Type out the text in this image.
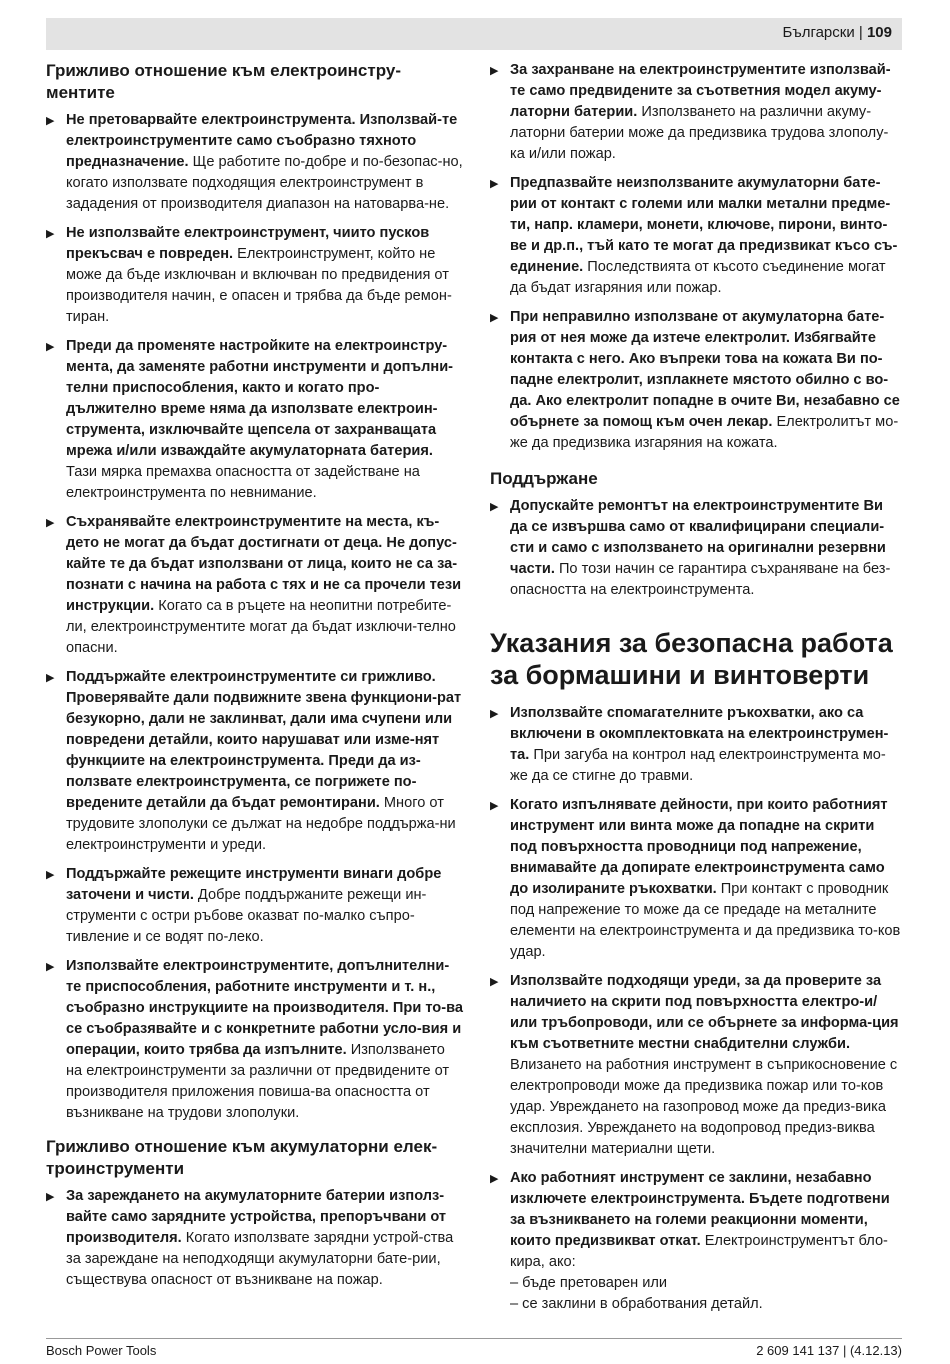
Български | 109
Грижливо отношение към електроинстру-ментите
▶ Не претоварвайте електроинструмента. Използвай-те електроинструментите само съобразно тяхното предназначение. Ще работите по-добре и по-безопас-но, когато използвате подходящия електроинструмент в зададения от производителя диапазон на натоварва-не.
▶ Не използвайте електроинструмент, чиито пусков прекъсвач е повреден. Електроинструмент, който не може да бъде изключван и включван по предвидения от производителя начин, е опасен и трябва да бъде ремон-тиран.
▶ Преди да променяте настройките на електроинстру-мента, да заменяте работни инструменти и допълни-телни приспособления, както и когато про-дължително време няма да използвате електроин-струмента, изключвайте щепсела от захранващата мрежа и/или изваждайте акумулаторната батерия. Тази мярка премахва опасността от задействане на електроинструмента по невнимание.
▶ Съхранявайте електроинструментите на места, къ-дето не могат да бъдат достигнати от деца. Не допус-кайте те да бъдат използвани от лица, които не са за-познати с начина на работа с тях и не са прочели тези инструкции. Когато са в ръцете на неопитни потребите-ли, електроинструментите могат да бъдат изключи-телно опасни.
▶ Поддържайте електроинструментите си грижливо. Проверявайте дали подвижните звена функциони-рат безукорно, дали не заклинват, дали има счупени или повредени детайли, които нарушават или изме-нят функциите на електроинструмента. Преди да из-ползвате електроинструмента, се погрижете по-вредените детайли да бъдат ремонтирани. Много от трудовите злополуки се дължат на недобре поддържа-ни електроинструменти и уреди.
▶ Поддържайте режещите инструменти винаги добре заточени и чисти. Добре поддържаните режещи ин-струменти с остри ръбове оказват по-малко съпро-тивление и се водят по-леко.
▶ Използвайте електроинструментите, допълнителни-те приспособления, работните инструменти и т. н., съобразно инструкциите на производителя. При то-ва се съобразявайте и с конкретните работни усло-вия и операции, които трябва да изпълните. Използването на електроинструменти за различни от предвидените от производителя приложения повиша-ва опасността от възникване на трудови злополуки.
Грижливо отношение към акумулаторни елек-троинструменти
▶ За зареждането на акумулаторните батерии използ-вайте само зарядните устройства, препоръчвани от производителя. Когато използвате зарядни устрой-ства за зареждане на неподходящи акумулаторни бате-рии, съществува опасност от възникване на пожар.
▶ За захранване на електроинструментите използвай-те само предвидените за съответния модел акуму-латорни батерии. Използването на различни акуму-латорни батерии може да предизвика трудова злополу-ка и/или пожар.
▶ Предпазвайте неизползваните акумулаторни бате-рии от контакт с големи или малки метални предме-ти, напр. кламери, монети, ключове, пирони, винто-ве и др.п., тъй като те могат да предизвикат късо съ-единение. Последствията от късото съединение могат да бъдат изгаряния или пожар.
▶ При неправилно използване от акумулаторна бате-рия от нея може да изтече електролит. Избягвайте контакта с него. Ако въпреки това на кожата Ви по-падне електролит, изплакнете мястото обилно с во-да. Ако електролит попадне в очите Ви, незабавно се обърнете за помощ към очен лекар. Електролитът мо-же да предизвика изгаряния на кожата.
Поддържане
▶ Допускайте ремонтът на електроинструментите Ви да се извършва само от квалифицирани специали-сти и само с използването на оригинални резервни части. По този начин се гарантира съхраняване на без-опасността на електроинструмента.
Указания за безопасна работа за бормашини и винтоверти
▶ Използвайте спомагателните ръкохватки, ако са включени в окомплектовката на електроинструмен-та. При загуба на контрол над електроинструмента мо-же да се стигне до травми.
▶ Когато изпълнявате дейности, при които работният инструмент или винта може да попадне на скрити под повърхността проводници под напрежение, внимавайте да допирате електроинструмента само до изолираните ръкохватки. При контакт с проводник под напрежение то може да се предаде на металните елементи на електроинструмента и да предизвика то-ков удар.
▶ Използвайте подходящи уреди, за да проверите за наличието на скрити под повърхността електро-и/или тръбопроводи, или се обърнете за информа-ция към съответните местни снабдителни служби. Влизането на работния инструмент в съприкосновение с електропроводи може да предизвика пожар или то-ков удар. Увреждането на газопровод може да предиз-вика експлозия. Увреждането на водопровод предиз-виква значителни материални щети.
▶ Ако работният инструмент се заклини, незабавно изключете електроинструмента. Бъдете подготвени за възникването на големи реакционни моменти, които предизвикват откат. Електроинструментът бло-кира, ако:
– бъде претоварен или
– се заклини в обработвания детайл.
Bosch Power Tools	2 609 141 137 | (4.12.13)
